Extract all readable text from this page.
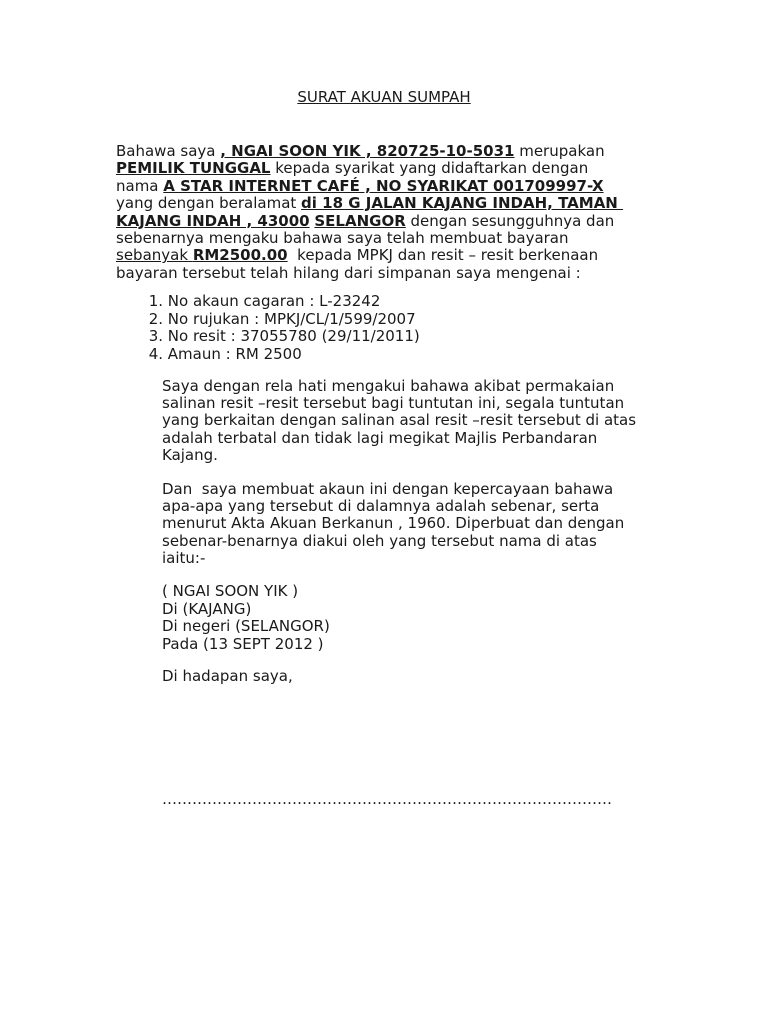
SURAT AKUAN SUMPAH
Bahawa saya , NGAI SOON YIK , 820725-10-5031 merupakan
PEMILIK TUNGGAL kepada syarikat yang didaftarkan dengan
nama A STAR INTERNET CAFÉ , NO SYARIKAT 001709997-X
yang dengan beralamat di 18 G JALAN KAJANG INDAH, TAMAN
KAJANG INDAH , 43000 SELANGOR dengan sesungguhnya dan
sebenarnya mengaku bahawa saya telah membuat bayaran
sebanyak RM2500.00  kepada MPKJ dan resit – resit berkenaan
bayaran tersebut telah hilang dari simpanan saya mengenai :
1. No akaun cagaran : L-23242
2. No rujukan : MPKJ/CL/1/599/2007
3. No resit : 37055780 (29/11/2011)
4. Amaun : RM 2500
Saya dengan rela hati mengakui bahawa akibat permakaian
salinan resit –resit tersebut bagi tuntutan ini, segala tuntutan
yang berkaitan dengan salinan asal resit –resit tersebut di atas
adalah terbatal dan tidak lagi megikat Majlis Perbandaran
Kajang.
Dan  saya membuat akaun ini dengan kepercayaan bahawa
apa-apa yang tersebut di dalamnya adalah sebenar, serta
menurut Akta Akuan Berkanun , 1960. Diperbuat dan dengan
sebenar-benarnya diakui oleh yang tersebut nama di atas
iaitu:-
( NGAI SOON YIK )
Di (KAJANG)
Di negeri (SELANGOR)
Pada (13 SEPT 2012 )
Di hadapan saya,
………………………………………………………………………………
